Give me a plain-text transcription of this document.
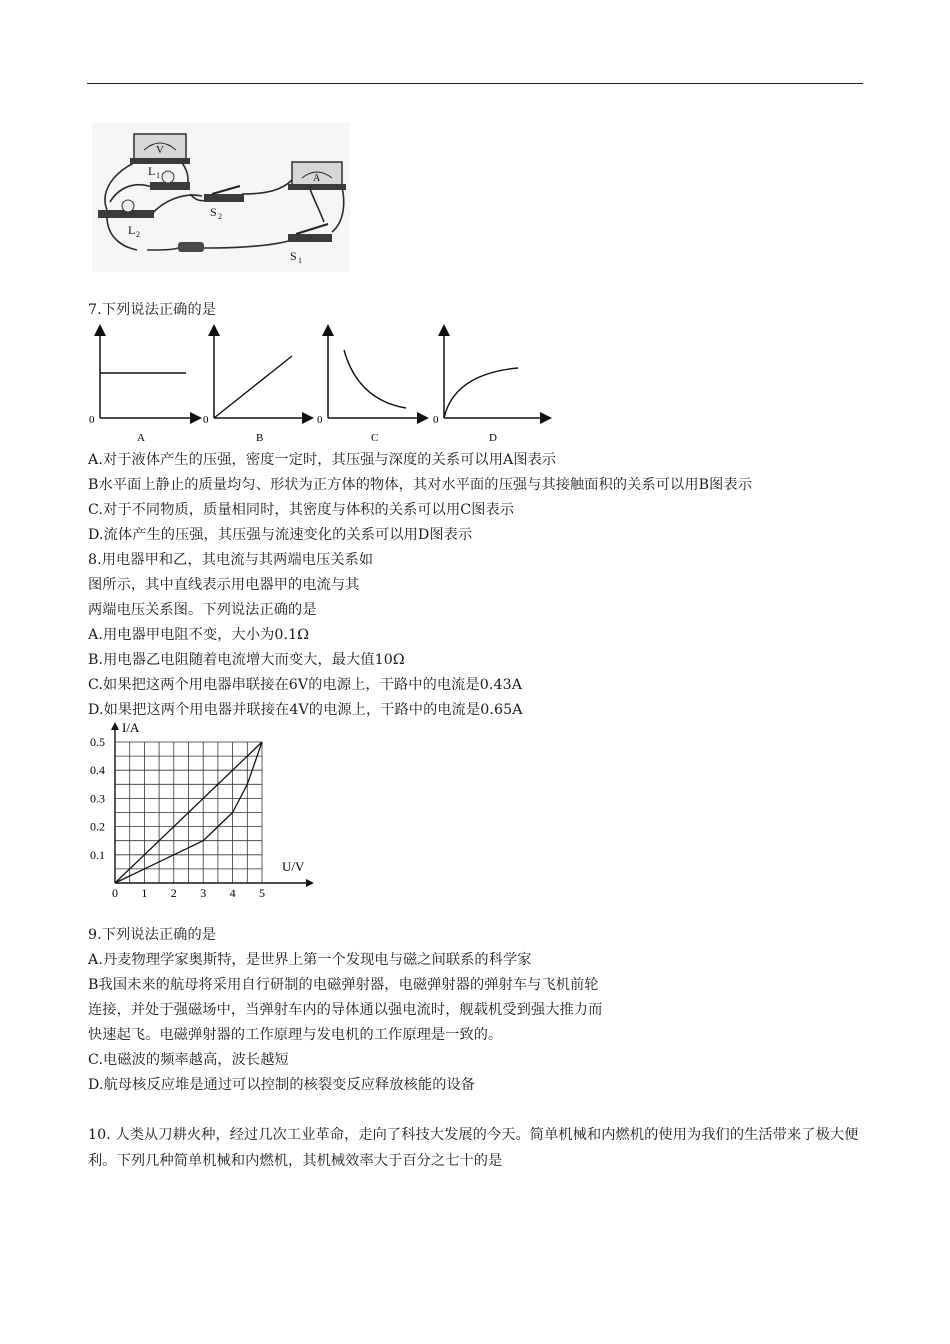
V
L 1
S 2
A
L 2
S 1
7.下列说法正确的是
0
A
0
B
0
C
0
D
A.对于液体产生的压强，密度一定时，其压强与深度的关系可以用A图表示
B水平面上静止的质量均匀、形状为正方体的物体，其对水平面的压强与其接触面积的关系可以用B图表示
C.对于不同物质，质量相同时，其密度与体积的关系可以用C图表示
D.流体产生的压强，其压强与流速变化的关系可以用D图表示
8.用电器甲和乙，其电流与其两端电压关系如
图所示，其中直线表示用电器甲的电流与其
两端电压关系图。下列说法正确的是
A.用电器甲电阻不变，大小为0.1Ω
B.用电器乙电阻随着电流增大而变大，最大值10Ω
C.如果把这两个用电器串联接在6V的电源上，干路中的电流是0.43A
D.如果把这两个用电器并联接在4V的电源上，干路中的电流是0.65A
0 1 2 3 4 5
0.1
0.2
0.3
0.4
0.5
I/A
U/V
9.下列说法正确的是
A.丹麦物理学家奥斯特，是世界上第一个发现电与磁之间联系的科学家
B我国未来的航母将采用自行研制的电磁弹射器，电磁弹射器的弹射车与飞机前轮
连接，并处于强磁场中，当弹射车内的导体通以强电流时，舰载机受到强大推力而
快速起飞。电磁弹射器的工作原理与发电机的工作原理是一致的。
C.电磁波的频率越高，波长越短
D.航母核反应堆是通过可以控制的核裂变反应释放核能的设备
10. 人类从刀耕火种，经过几次工业革命，走向了科技大发展的今天。简单机械和内燃机的使用为我们的生活带来了极大便利。下列几种简单机械和内燃机，其机械效率大于百分之七十的是
